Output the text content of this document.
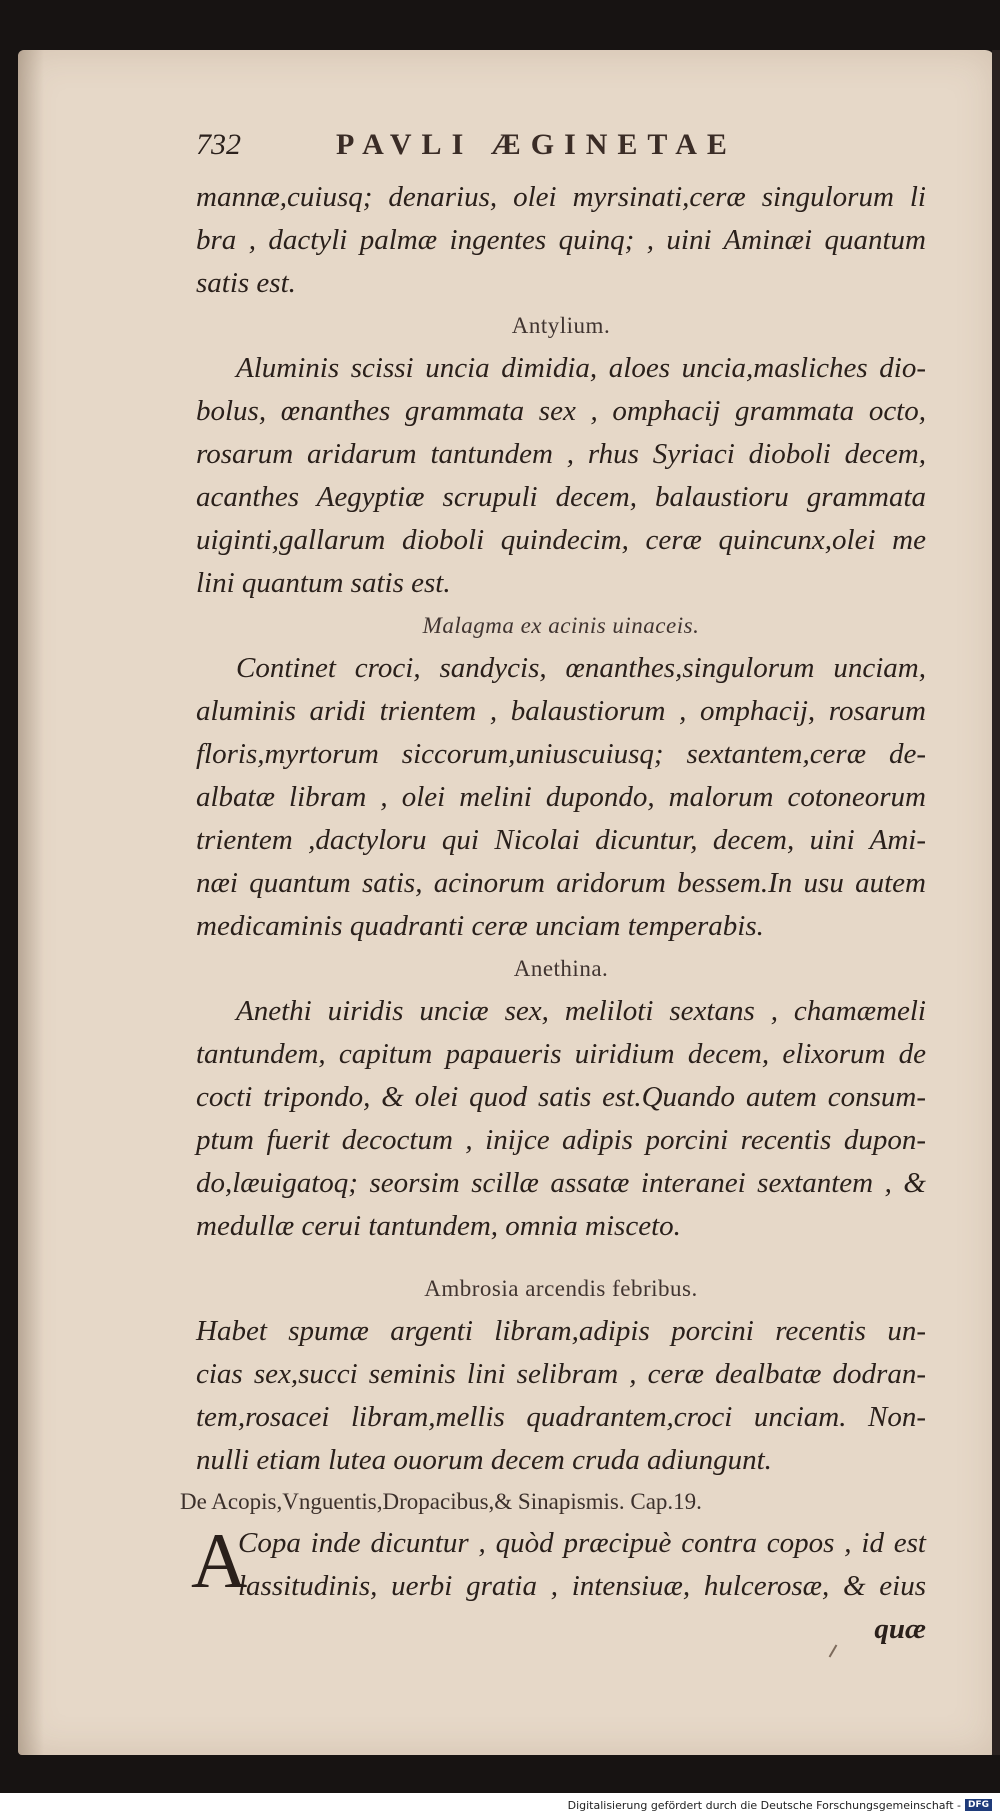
732	PAVLI ÆGINETAE
mannæ,cuiusq; denarius, olei myrsinati,ceræ singulorum li
bra , dactyli palmæ ingentes quinq; , uini Aminæi quantum
satis est.
Antylium.
Aluminis scissi uncia dimidia, aloes uncia,masliches dio-
bolus, œnanthes grammata sex , omphacij grammata octo,
rosarum aridarum tantundem , rhus Syriaci dioboli decem,
acanthes Aegyptiæ scrupuli decem, balaustioru grammata
uiginti,gallarum dioboli quindecim, ceræ quincunx,olei me
lini quantum satis est.
Malagma ex acinis uinaceis.
Continet croci, sandycis, œnanthes,singulorum unciam,
aluminis aridi trientem , balaustiorum , omphacij, rosarum
floris,myrtorum siccorum,uniuscuiusq; sextantem,ceræ de-
albatæ libram , olei melini dupondo, malorum cotoneorum
trientem ,dactyloru qui Nicolai dicuntur, decem, uini Ami-
næi quantum satis, acinorum aridorum bessem.In usu autem
medicaminis quadranti ceræ unciam temperabis.
Anethina.
Anethi uiridis unciæ sex, meliloti sextans , chamæmeli
tantundem, capitum papaueris uiridium decem, elixorum de
cocti tripondo, & olei quod satis est.Quando autem consum-
ptum fuerit decoctum , inijce adipis porcini recentis dupon-
do,læuigatoq; seorsim scillæ assatæ interanei sextantem , &
medullæ cerui tantundem, omnia misceto.
Ambrosia arcendis febribus.
Habet spumæ argenti libram,adipis porcini recentis un-
cias sex,succi seminis lini selibram , ceræ dealbatæ dodran-
tem,rosacei libram,mellis quadrantem,croci unciam. Non-
nulli etiam lutea ouorum decem cruda adiungunt.
De Acopis,Vnguentis,Dropacibus,& Sinapismis. Cap.19.
A
Copa inde dicuntur , quòd præcipuè contra copos , id est
lassitudinis, uerbi gratia , intensiuæ, hulcerosæ, & eius
quæ
Digitalisierung gefördert durch die Deutsche Forschungsgemeinschaft - DFG
